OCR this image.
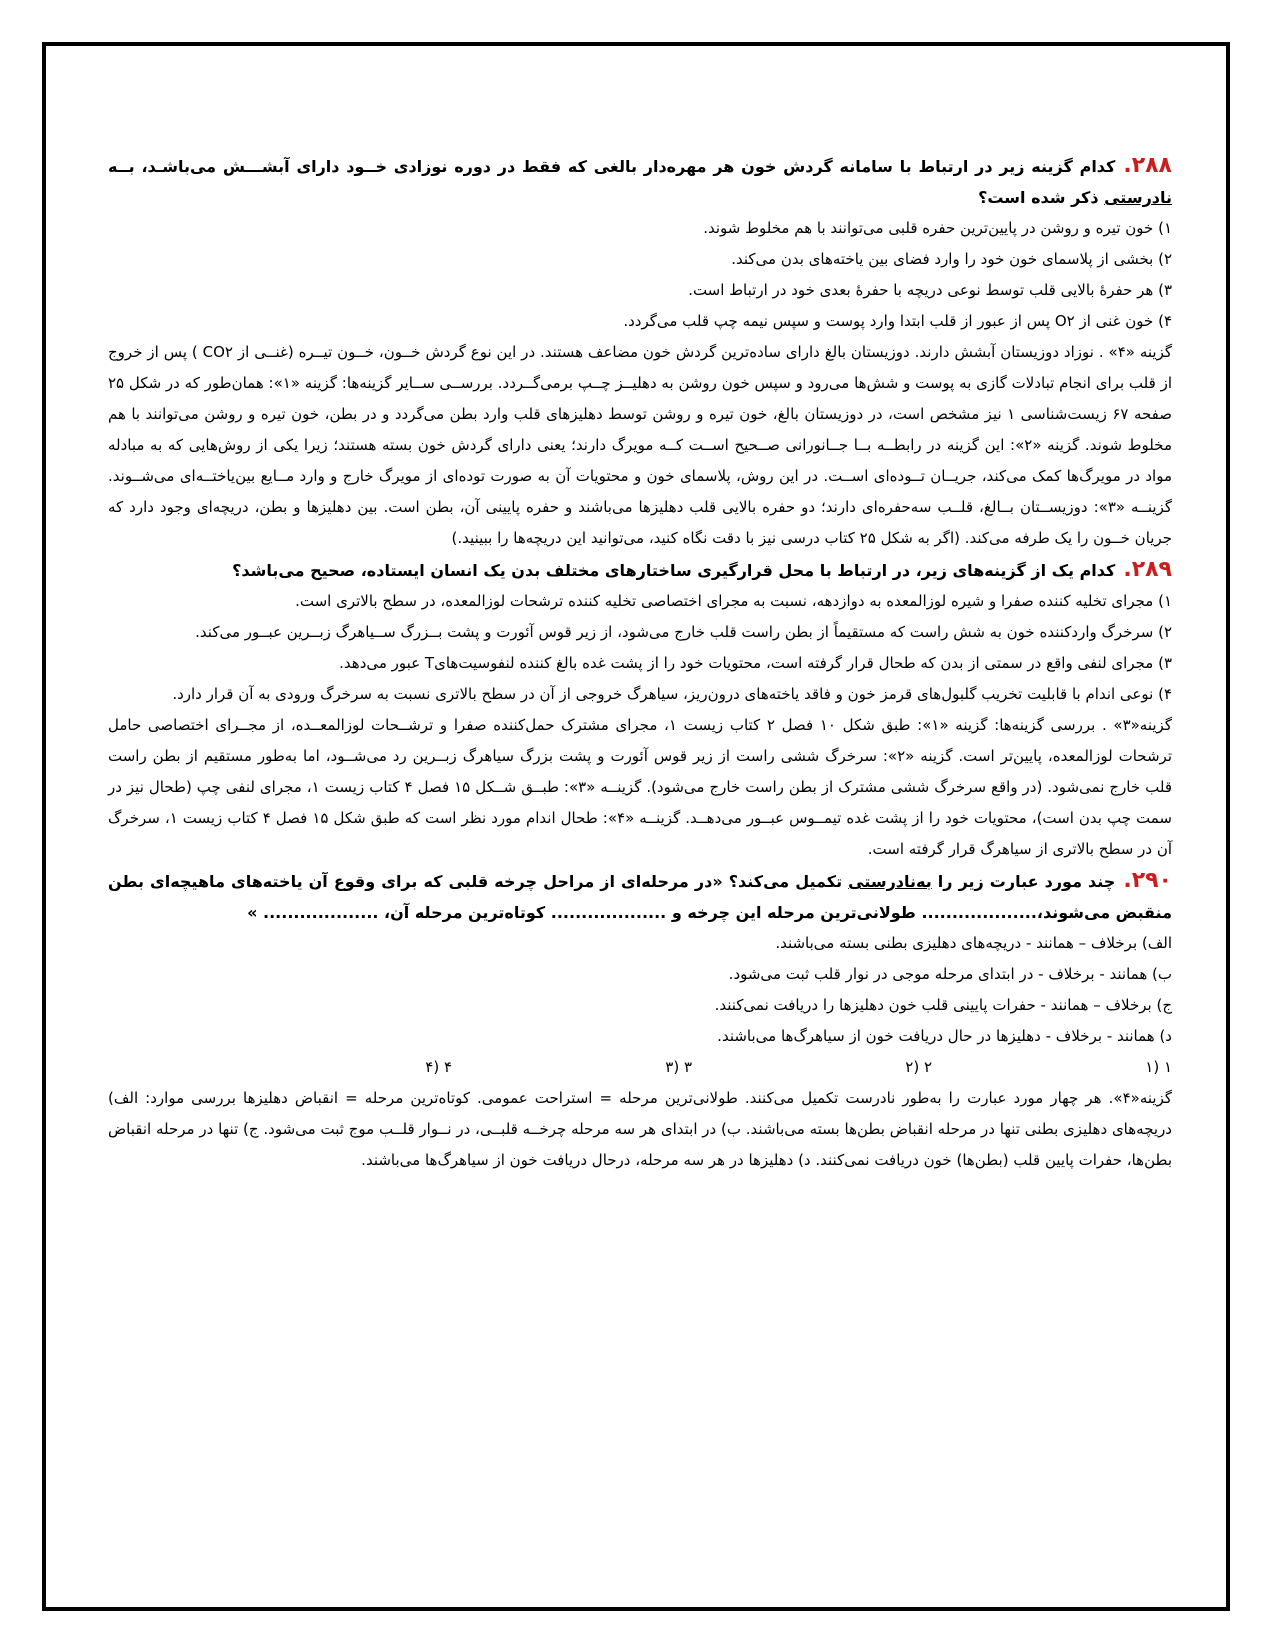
۲۸۸.کدام گزینه زیر در ارتباط با سامانه گردش خون هر مهره‌دار بالغی که فقط در دوره نوزادی خــود دارای آبشـــش می‌باشـد، بــه نادرستی ذکر شده است؟

۱) خون تیره و روشن در پایین‌ترین حفره قلبی می‌توانند با هم مخلوط شوند.

۲) بخشی از پلاسمای خون خود را وارد فضای بین یاخته‌های بدن می‌کند.

۳) هر حفرهٔ بالایی قلب توسط نوعی دریچه با حفرهٔ بعدی خود در ارتباط است.

۴) خون غنی از O۲ پس از عبور از قلب ابتدا وارد پوست و سپس نیمه چپ قلب می‌گردد.

گزینه «۴» . نوزاد دوزیستان آبشش دارند. دوزیستان بالغ دارای ساده‌ترین گردش خون مضاعف هستند. در این نوع گردش خــون، خــون تیــره (غنــی از CO۲ ) پس از خروج از قلب برای انجام تبادلات گازی به پوست و شش‌ها می‌رود و سپس خون روشن به دهلیــز چــپ برمی‌گــردد. بررســی ســایر گزینه‌ها: گزینه «۱»: همان‌طور که در شکل ۲۵ صفحه ۶۷ زیست‌شناسی ۱ نیز مشخص است، در دوزیستان بالغ، خون تیره و روشن توسط دهلیزهای قلب وارد بطن می‌گردد و در بطن، خون تیره و روشن می‌توانند با هم مخلوط شوند. گزینه «۲»: این گزینه در رابطــه بــا جــانورانی صــحیح اســت کــه مویرگ دارند؛ یعنی دارای گردش خون بسته هستند؛ زیرا یکی از روش‌هایی که به مبادله مواد در مویرگ‌ها کمک می‌کند، جریــان تــوده‌ای اســت. در این روش، پلاسمای خون و محتویات آن به صورت توده‌ای از مویرگ خارج و وارد مــایع بین‌یاختــه‌ای می‌شــوند. گزینــه «۳»: دوزیســتان بــالغ، قلــب سه‌حفره‌ای دارند؛ دو حفره بالایی قلب دهلیزها می‌باشند و حفره پایینی آن، بطن است. بین دهلیزها و بطن، دریچه‌ای وجود دارد که جریان خــون را یک طرفه می‌کند. (اگر به شکل ۲۵ کتاب درسی نیز با دقت نگاه کنید، می‌توانید این دریچه‌ها را ببینید.)

۲۸۹.کدام یک از گزینه‌های زیر، در ارتباط با محل قرارگیری ساختارهای مختلف بدن یک انسان ایستاده، صحیح می‌باشد؟

۱) مجرای تخلیه کننده صفرا و شیره لوزالمعده به دوازدهه، نسبت به مجرای اختصاصی تخلیه کننده ترشحات لوزالمعده، در سطح بالاتری است.

۲) سرخرگ واردکننده خون به شش راست که مستقیماً از بطن راست قلب خارج می‌شود، از زیر قوس آئورت و پشت بــزرگ ســیاهرگ زبــرین عبــور می‌کند.

۳) مجرای لنفی واقع در سمتی از بدن که طحال قرار گرفته است، محتویات خود را از پشت غده بالغ کننده لنفوسیت‌هایT عبور می‌دهد.

۴) نوعی اندام با قابلیت تخریب گلبول‌های قرمز خون و فاقد یاخته‌های درون‌ریز، سیاهرگ خروجی از آن در سطح بالاتری نسبت به سرخرگ ورودی به آن قرار دارد.

گزینه«۳» . بررسی گزینه‌ها: گزینه «۱»: طبق شکل ۱۰ فصل ۲ کتاب زیست ۱، مجرای مشترک حمل‌کننده صفرا و ترشــحات لوزالمعــده، از مجــرای اختصاصی حامل ترشحات لوزالمعده، پایین‌تر است. گزینه «۲»: سرخرگ ششی راست از زیر قوس آئورت و پشت بزرگ سیاهرگ زبــرین رد می‌شــود، اما به‌طور مستقیم از بطن راست قلب خارج نمی‌شود. (در واقع سرخرگ ششی مشترک از بطن راست خارج می‌شود). گزینــه «۳»: طبــق شــکل ۱۵ فصل ۴ کتاب زیست ۱، مجرای لنفی چپ (طحال نیز در سمت چپ بدن است)، محتویات خود را از پشت غده تیمــوس عبــور می‌دهــد. گزینــه «۴»: طحال اندام مورد نظر است که طبق شکل ۱۵ فصل ۴ کتاب زیست ۱، سرخرگ آن در سطح بالاتری از سیاهرگ قرار گرفته است.

۲۹۰.چند مورد عبارت زیر را به‌نادرستی تکمیل می‌کند؟ «در مرحله‌ای از مراحل چرخه قلبی که برای وقوع آن یاخته‌های ماهیچه‌ای بطن منقبض می‌شوند،................... طولانی‌ترین مرحله این چرخه و ................... کوتاه‌ترین مرحله آن، ................... »

الف) برخلاف – همانند - دریچه‌های دهلیزی بطنی بسته می‌باشند.

ب) همانند - برخلاف - در ابتدای مرحله موجی در نوار قلب ثبت می‌شود.

ج) برخلاف – همانند - حفرات پایینی قلب خون دهلیزها را دریافت نمی‌کنند.

د) همانند - برخلاف - دهلیزها در حال دریافت خون از سیاهرگ‌ها می‌باشند.

۱ (۱
۲ (۲
۳ (۳
۴ (۴

گزینه«۴». هر چهار مورد عبارت را به‌طور نادرست تکمیل می‌کنند. طولانی‌ترین مرحله = استراحت عمومی. کوتاه‌ترین مرحله = انقباض دهلیزها بررسی موارد: الف) دریچه‌های دهلیزی بطنی تنها در مرحله انقباض بطن‌ها بسته می‌باشند. ب) در ابتدای هر سه مرحله چرخــه قلبــی، در نــوار قلــب موج ثبت می‌شود. ج) تنها در مرحله انقباض بطن‌ها، حفرات پایین قلب (بطن‌ها) خون دریافت نمی‌کنند. د) دهلیزها در هر سه مرحله، درحال دریافت خون از سیاهرگ‌ها می‌باشند.
